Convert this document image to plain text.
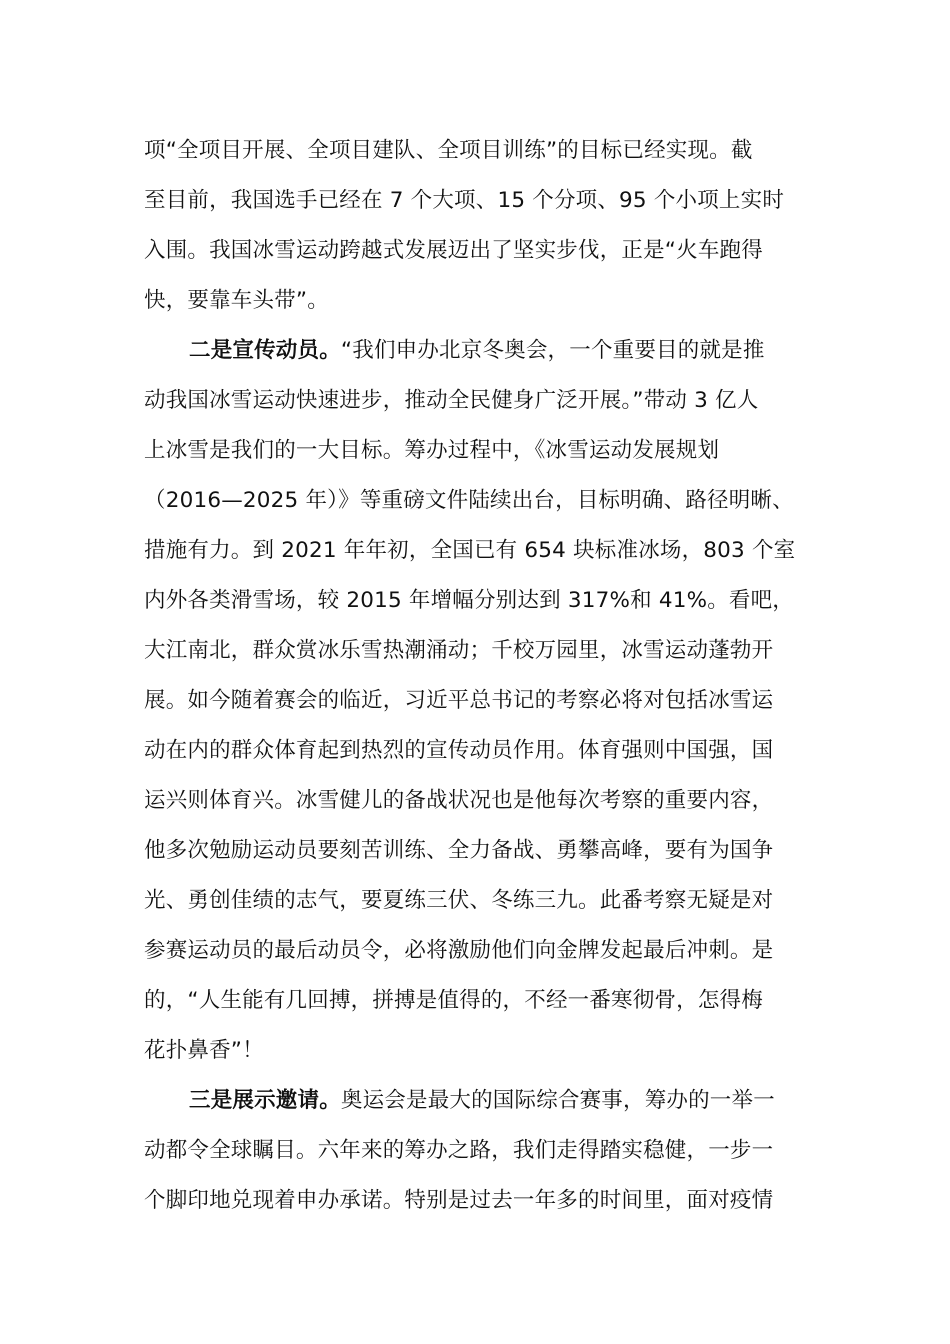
项“全项目开展、全项目建队、全项目训练”的目标已经实现。截
至目前，我国选手已经在 7 个大项、15 个分项、95 个小项上实时
入围。我国冰雪运动跨越式发展迈出了坚实步伐，正是“火车跑得
快，要靠车头带”。
二是宣传动员。“我们申办北京冬奥会，一个重要目的就是推
动我国冰雪运动快速进步，推动全民健身广泛开展。”带动 3 亿人
上冰雪是我们的一大目标。筹办过程中，《冰雪运动发展规划
（2016—2025 年）》等重磅文件陆续出台，目标明确、路径明晰、
措施有力。到 2021 年年初，全国已有 654 块标准冰场，803 个室
内外各类滑雪场，较 2015 年增幅分别达到 317%和 41%。看吧，
大江南北，群众赏冰乐雪热潮涌动；千校万园里，冰雪运动蓬勃开
展。如今随着赛会的临近，习近平总书记的考察必将对包括冰雪运
动在内的群众体育起到热烈的宣传动员作用。体育强则中国强，国
运兴则体育兴。冰雪健儿的备战状况也是他每次考察的重要内容，
他多次勉励运动员要刻苦训练、全力备战、勇攀高峰，要有为国争
光、勇创佳绩的志气，要夏练三伏、冬练三九。此番考察无疑是对
参赛运动员的最后动员令，必将激励他们向金牌发起最后冲刺。是
的，“人生能有几回搏，拼搏是值得的，不经一番寒彻骨，怎得梅
花扑鼻香”！
三是展示邀请。奥运会是最大的国际综合赛事，筹办的一举一
动都令全球瞩目。六年来的筹办之路，我们走得踏实稳健，一步一
个脚印地兑现着申办承诺。特别是过去一年多的时间里，面对疫情
